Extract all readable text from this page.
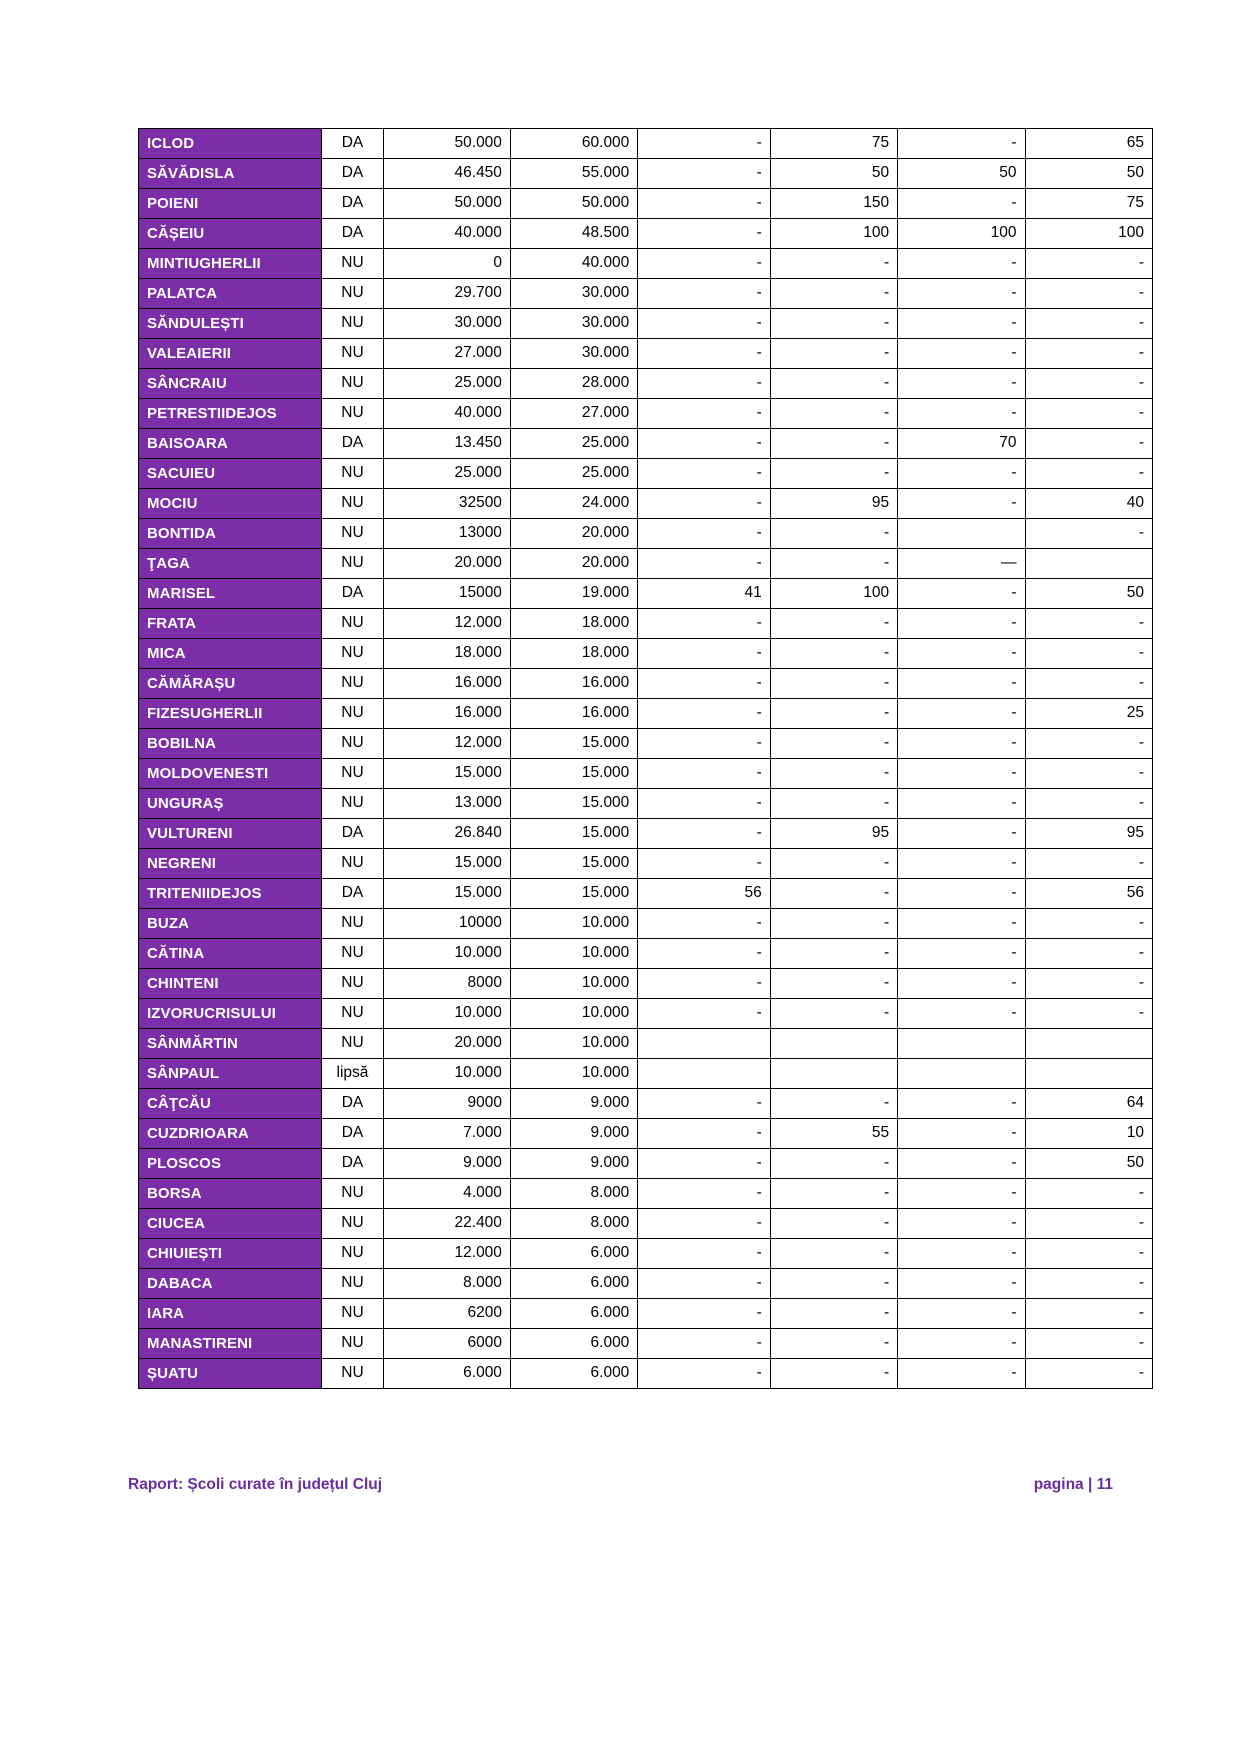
ICLOD	DA	50.000	60.000	-	75	-	65
SĂVĂDISLA	DA	46.450	55.000	-	50	50	50
POIENI	DA	50.000	50.000	-	150	-	75
CĂȘEIU	DA	40.000	48.500	-	100	100	100
MINTIUGHERLII	NU	0	40.000	-	-	-	-
PALATCA	NU	29.700	30.000	-	-	-	-
SĂNDULEȘTI	NU	30.000	30.000	-	-	-	-
VALEAIERII	NU	27.000	30.000	-	-	-	-
SÂNCRAIU	NU	25.000	28.000	-	-	-	-
PETRESTIIDEJOS	NU	40.000	27.000	-	-	-	-
BAISOARA	DA	13.450	25.000	-	-	70	-
SACUIEU	NU	25.000	25.000	-	-	-	-
MOCIU	NU	32500	24.000	-	95	-	40
BONTIDA	NU	13000	20.000	-	-		-
ŢAGA	NU	20.000	20.000	-	-	—	
MARISEL	DA	15000	19.000	41	100	-	50
FRATA	NU	12.000	18.000	-	-	-	-
MICA	NU	18.000	18.000	-	-	-	-
CĂMĂRAȘU	NU	16.000	16.000	-	-	-	-
FIZESUGHERLII	NU	16.000	16.000	-	-	-	25
BOBILNA	NU	12.000	15.000	-	-	-	-
MOLDOVENESTI	NU	15.000	15.000	-	-	-	-
UNGURAȘ	NU	13.000	15.000	-	-	-	-
VULTURENI	DA	26.840	15.000	-	95	-	95
NEGRENI	NU	15.000	15.000	-	-	-	-
TRITENIIDEJOS	DA	15.000	15.000	56	-	-	56
BUZA	NU	10000	10.000	-	-	-	-
CĂTINA	NU	10.000	10.000	-	-	-	-
CHINTENI	NU	8000	10.000	-	-	-	-
IZVORUCRISULUI	NU	10.000	10.000	-	-	-	-
SÂNMĂRTIN	NU	20.000	10.000				
SÂNPAUL	lipsă	10.000	10.000				
CÂŢCĂU	DA	9000	9.000	-	-	-	64
CUZDRIOARA	DA	7.000	9.000	-	55	-	10
PLOSCOS	DA	9.000	9.000	-	-	-	50
BORSA	NU	4.000	8.000	-	-	-	-
CIUCEA	NU	22.400	8.000	-	-	-	-
CHIUIEȘTI	NU	12.000	6.000	-	-	-	-
DABACA	NU	8.000	6.000	-	-	-	-
IARA	NU	6200	6.000	-	-	-	-
MANASTIRENI	NU	6000	6.000	-	-	-	-
ȘUATU	NU	6.000	6.000	-	-	-	-
Raport: Școli curate în județul Cluj	pagina | 11
